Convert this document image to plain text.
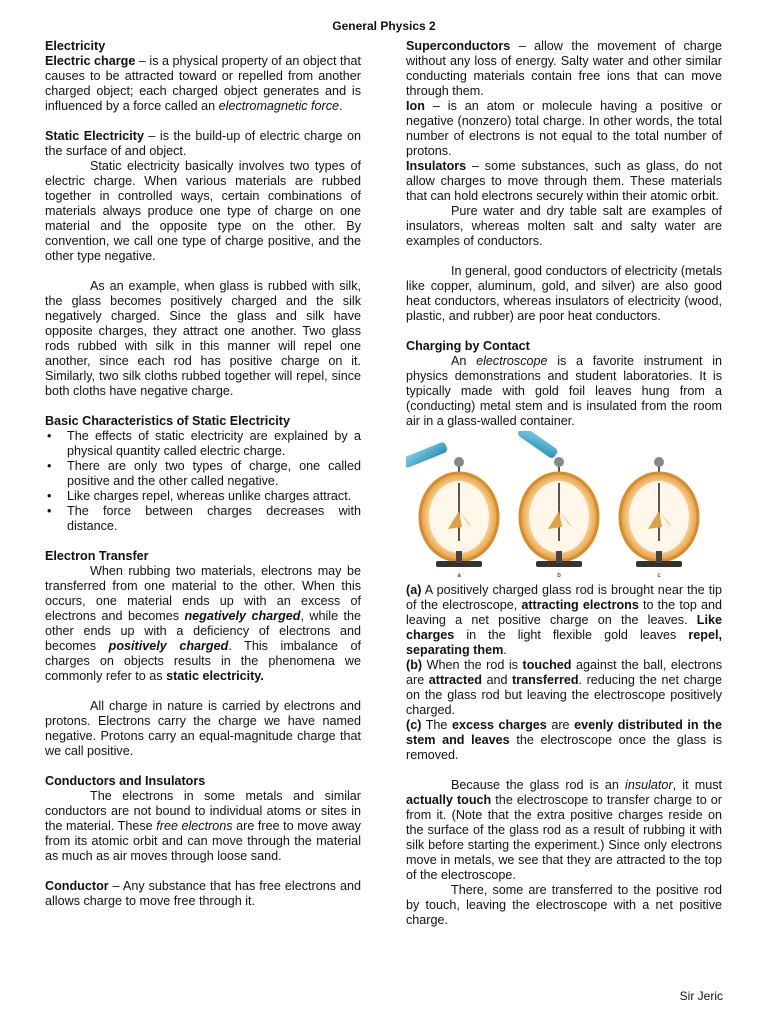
General Physics 2

Electricity

Electric charge – is a physical property of an object that causes to be attracted toward or repelled from another charged object; each charged object generates and is influenced by a force called an electromagnetic force.

Static Electricity – is the build-up of electric charge on the surface of and object.

Static electricity basically involves two types of electric charge. When various materials are rubbed together in controlled ways, certain combinations of materials always produce one type of charge on one material and the opposite type on the other. By convention, we call one type of charge positive, and the other type negative.

As an example, when glass is rubbed with silk, the glass becomes positively charged and the silk negatively charged. Since the glass and silk have opposite charges, they attract one another. Two glass rods rubbed with silk in this manner will repel one another, since each rod has positive charge on it. Similarly, two silk cloths rubbed together will repel, since both cloths have negative charge.

Basic Characteristics of Static Electricity

• The effects of static electricity are explained by a physical quantity called electric charge.
• There are only two types of charge, one called positive and the other called negative.
• Like charges repel, whereas unlike charges attract.
• The force between charges decreases with distance.

Electron Transfer

When rubbing two materials, electrons may be transferred from one material to the other. When this occurs, one material ends up with an excess of electrons and becomes negatively charged, while the other ends up with a deficiency of electrons and becomes positively charged. This imbalance of charges on objects results in the phenomena we commonly refer to as static electricity.

All charge in nature is carried by electrons and protons. Electrons carry the charge we have named negative. Protons carry an equal-magnitude charge that we call positive.

Conductors and Insulators

The electrons in some metals and similar conductors are not bound to individual atoms or sites in the material. These free electrons are free to move away from its atomic orbit and can move through the material as much as air moves through loose sand.

Conductor – Any substance that has free electrons and allows charge to move free through it.

Superconductors – allow the movement of charge without any loss of energy. Salty water and other similar conducting materials contain free ions that can move through them.

Ion – is an atom or molecule having a positive or negative (nonzero) total charge. In other words, the total number of electrons is not equal to the total number of protons.

Insulators – some substances, such as glass, do not allow charges to move through them. These materials that can hold electrons securely within their atomic orbit.

Pure water and dry table salt are examples of insulators, whereas molten salt and salty water are examples of conductors.

In general, good conductors of electricity (metals like copper, aluminum, gold, and silver) are also good heat conductors, whereas insulators of electricity (wood, plastic, and rubber) are poor heat conductors.

Charging by Contact

An electroscope is a favorite instrument in physics demonstrations and student laboratories. It is typically made with gold foil leaves hung from a (conducting) metal stem and is insulated from the room air in a glass-walled container.

a	b	c

(a) A positively charged glass rod is brought near the tip of the electroscope, attracting electrons to the top and leaving a net positive charge on the leaves. Like charges in the light flexible gold leaves repel, separating them.

(b) When the rod is touched against the ball, electrons are attracted and transferred. reducing the net charge on the glass rod but leaving the electroscope positively charged.

(c) The excess charges are evenly distributed in the stem and leaves the electroscope once the glass is removed.

Because the glass rod is an insulator, it must actually touch the electroscope to transfer charge to or from it. (Note that the extra positive charges reside on the surface of the glass rod as a result of rubbing it with silk before starting the experiment.) Since only electrons move in metals, we see that they are attracted to the top of the electroscope.

There, some are transferred to the positive rod by touch, leaving the electroscope with a net positive charge.

Sir Jeric
